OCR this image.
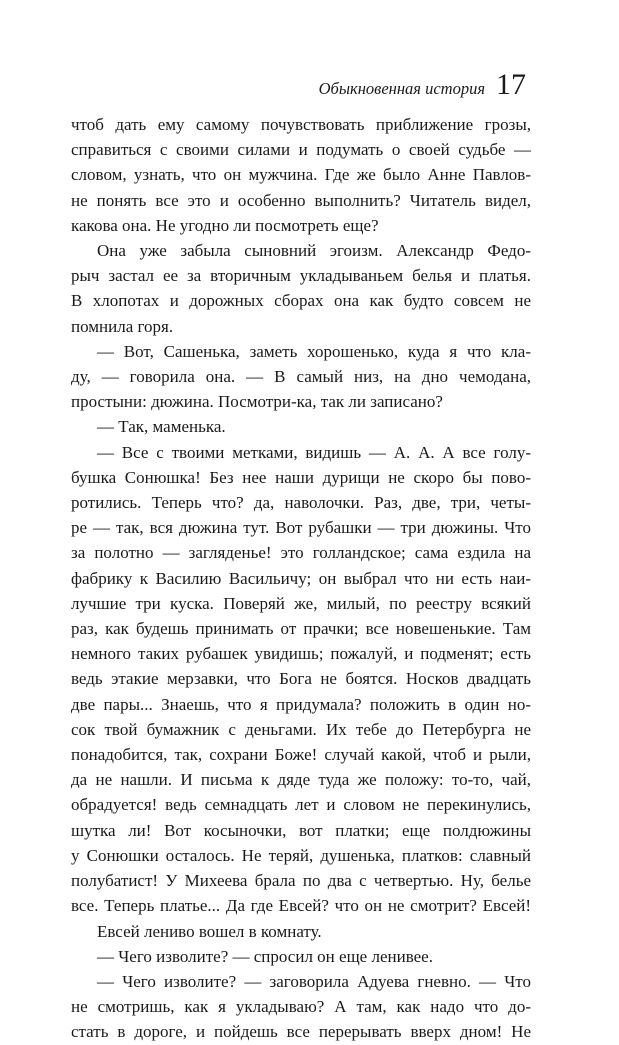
Обыкновенная история 17
чтоб дать ему самому почувствовать приближение грозы,
справиться с своими силами и подумать о своей судьбе —
словом, узнать, что он мужчина. Где же было Анне Павлов-
не понять все это и особенно выполнить? Читатель видел,
какова она. Не угодно ли посмотреть еще?
Она уже забыла сыновний эгоизм. Александр Федо-
рыч застал ее за вторичным укладываньем белья и платья.
В хлопотах и дорожных сборах она как будто совсем не
помнила горя.
— Вот, Сашенька, заметь хорошенько, куда я что кла-
ду, — говорила она. — В самый низ, на дно чемодана,
простыни: дюжина. Посмотри-ка, так ли записано?
— Так, маменька.
— Все с твоими метками, видишь — А. А. А все голу-
бушка Сонюшка! Без нее наши дурищи не скоро бы пово-
ротились. Теперь что? да, наволочки. Раз, две, три, четы-
ре — так, вся дюжина тут. Вот рубашки — три дюжины. Что
за полотно — загляденье! это голландское; сама ездила на
фабрику к Василию Васильичу; он выбрал что ни есть наи-
лучшие три куска. Поверяй же, милый, по реестру всякий
раз, как будешь принимать от прачки; все новешенькие. Там
немного таких рубашек увидишь; пожалуй, и подменят; есть
ведь этакие мерзавки, что Бога не боятся. Носков двадцать
две пары... Знаешь, что я придумала? положить в один но-
сок твой бумажник с деньгами. Их тебе до Петербурга не
понадобится, так, сохрани Боже! случай какой, чтоб и рыли,
да не нашли. И письма к дяде туда же положу: то-то, чай,
обрадуется! ведь семнадцать лет и словом не перекинулись,
шутка ли! Вот косыночки, вот платки; еще полдюжины
у Сонюшки осталось. Не теряй, душенька, платков: славный
полубатист! У Михеева брала по два с четвертью. Ну, белье
все. Теперь платье... Да где Евсей? что он не смотрит? Евсей!
Евсей лениво вошел в комнату.
— Чего изволите? — спросил он еще ленивее.
— Чего изволите? — заговорила Адуева гневно. — Что
не смотришь, как я укладываю? А там, как надо что до-
стать в дороге, и пойдешь все перерывать вверх дном! Не
